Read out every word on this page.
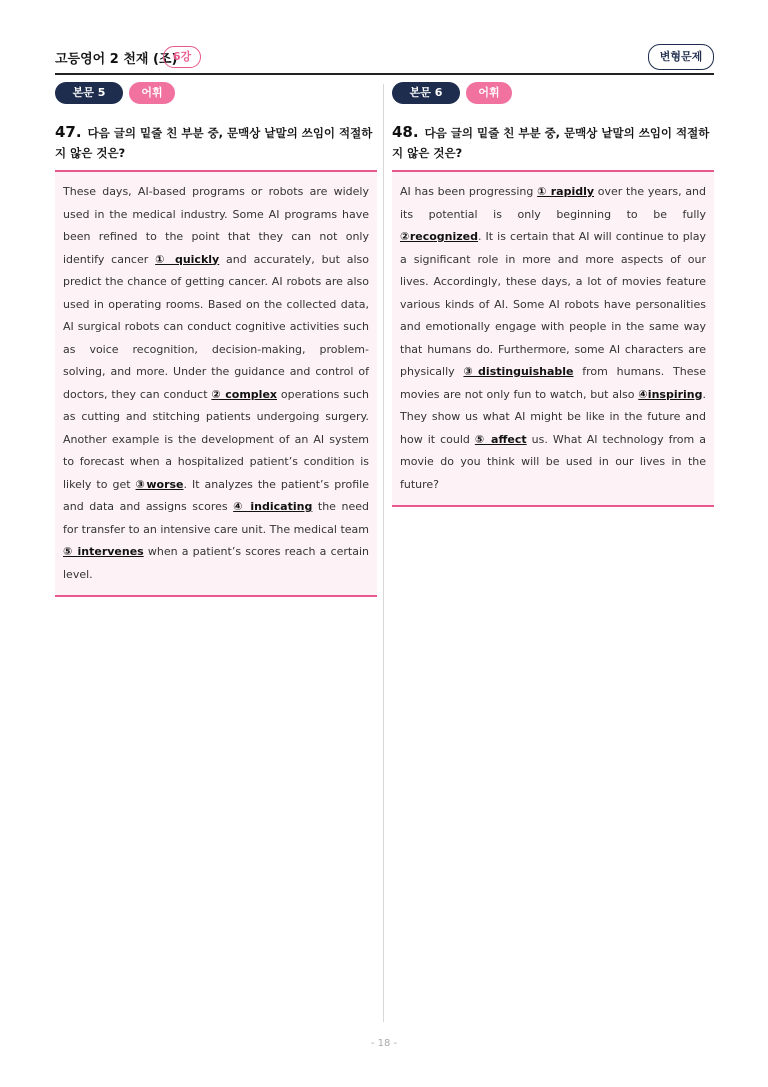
고등영어 2 천재 (조)
6강	변형문제
본문 5	어휘
47. 다음 글의 밑줄 친 부분 중, 문맥상 낱말의 쓰임이 적절하지 않은 것은?
These days, AI-based programs or robots are widely used in the medical industry. Some AI programs have been refined to the point that they can not only identify cancer ① quickly and accurately, but also predict the chance of getting cancer. AI robots are also used in operating rooms. Based on the collected data, AI surgical robots can conduct cognitive activities such as voice recognition, decision-making, problem-solving, and more. Under the guidance and control of doctors, they can conduct ② complex operations such as cutting and stitching patients undergoing surgery. Another example is the development of an AI system to forecast when a hospitalized patient’s condition is likely to get ③worse. It analyzes the patient’s profile and data and assigns scores ④ indicating the need for transfer to an intensive care unit. The medical team ⑤ intervenes when a patient’s scores reach a certain level.
본문 6	어휘
48. 다음 글의 밑줄 친 부분 중, 문맥상 낱말의 쓰임이 적절하지 않은 것은?
AI has been progressing ① rapidly over the years, and its potential is only beginning to be fully ②recognized. It is certain that AI will continue to play a significant role in more and more aspects of our lives. Accordingly, these days, a lot of movies feature various kinds of AI. Some AI robots have personalities and emotionally engage with people in the same way that humans do. Furthermore, some AI characters are physically ③distinguishable from humans. These movies are not only fun to watch, but also ④inspiring. They show us what AI might be like in the future and how it could ⑤ affect us. What AI technology from a movie do you think will be used in our lives in the future?
- 18 -
